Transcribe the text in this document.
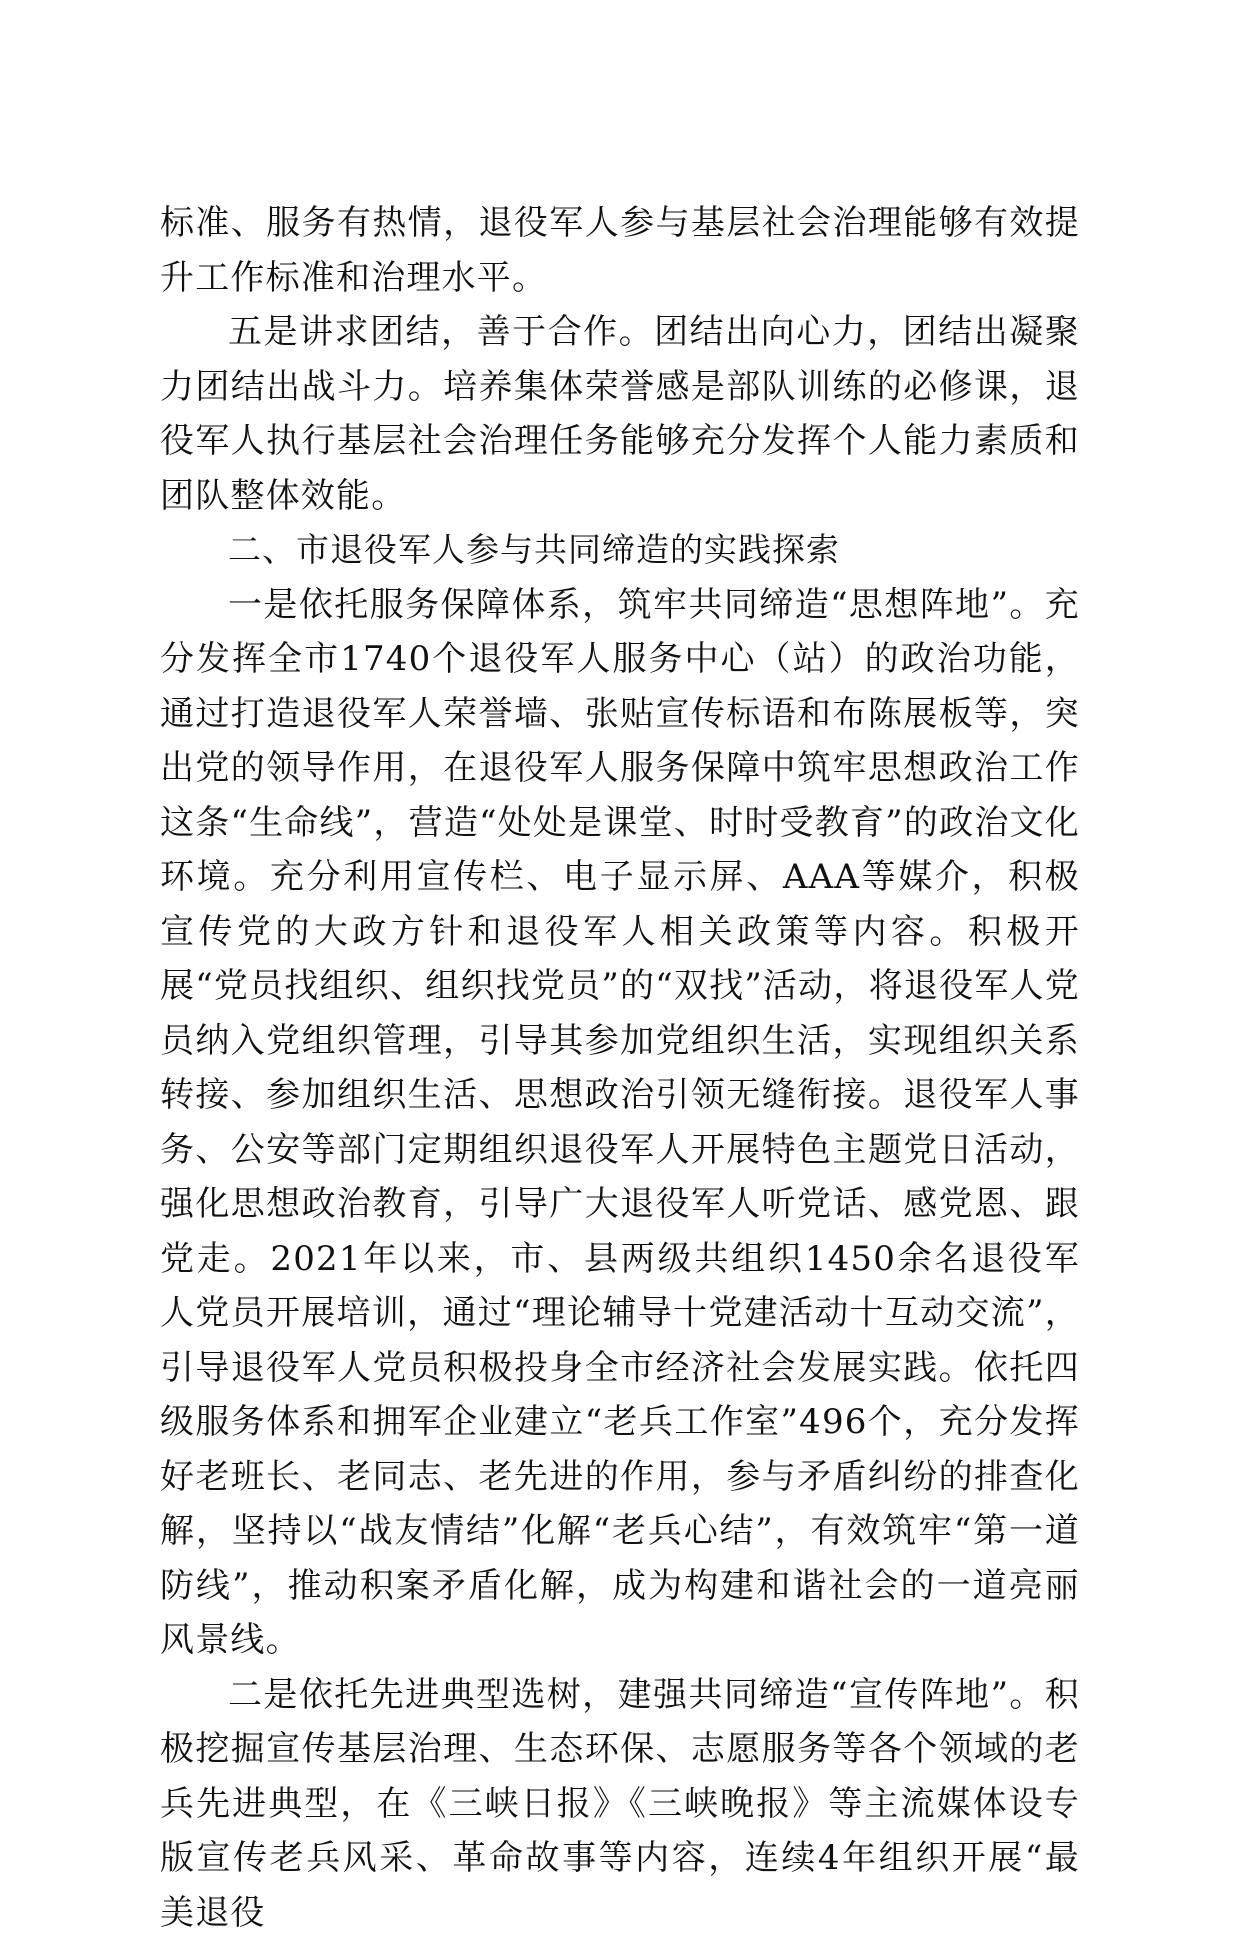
标准、服务有热情，退役军人参与基层社会治理能够有效提升工作标准和治理水平。

五是讲求团结，善于合作。团结出向心力，团结出凝聚力团结出战斗力。培养集体荣誉感是部队训练的必修课，退役军人执行基层社会治理任务能够充分发挥个人能力素质和团队整体效能。

二、市退役军人参与共同缔造的实践探索

一是依托服务保障体系，筑牢共同缔造“思想阵地”。充分发挥全市1740个退役军人服务中心（站）的政治功能，通过打造退役军人荣誉墙、张贴宣传标语和布陈展板等，突出党的领导作用，在退役军人服务保障中筑牢思想政治工作这条“生命线”，营造“处处是课堂、时时受教育”的政治文化环境。充分利用宣传栏、电子显示屏、AAA等媒介，积极宣传党的大政方针和退役军人相关政策等内容。积极开展“党员找组织、组织找党员”的“双找”活动，将退役军人党员纳入党组织管理，引导其参加党组织生活，实现组织关系转接、参加组织生活、思想政治引领无缝衔接。退役军人事务、公安等部门定期组织退役军人开展特色主题党日活动，强化思想政治教育，引导广大退役军人听党话、感党恩、跟党走。2021年以来，市、县两级共组织1450余名退役军人党员开展培训，通过“理论辅导十党建活动十互动交流”，引导退役军人党员积极投身全市经济社会发展实践。依托四级服务体系和拥军企业建立“老兵工作室”496个，充分发挥好老班长、老同志、老先进的作用，参与矛盾纠纷的排查化解，坚持以“战友情结”化解“老兵心结”，有效筑牢“第一道防线”，推动积案矛盾化解，成为构建和谐社会的一道亮丽风景线。

二是依托先进典型选树，建强共同缔造“宣传阵地”。积极挖掘宣传基层治理、生态环保、志愿服务等各个领域的老兵先进典型，在《三峡日报》《三峡晚报》等主流媒体设专版宣传老兵风采、革命故事等内容，连续4年组织开展“最美退役
